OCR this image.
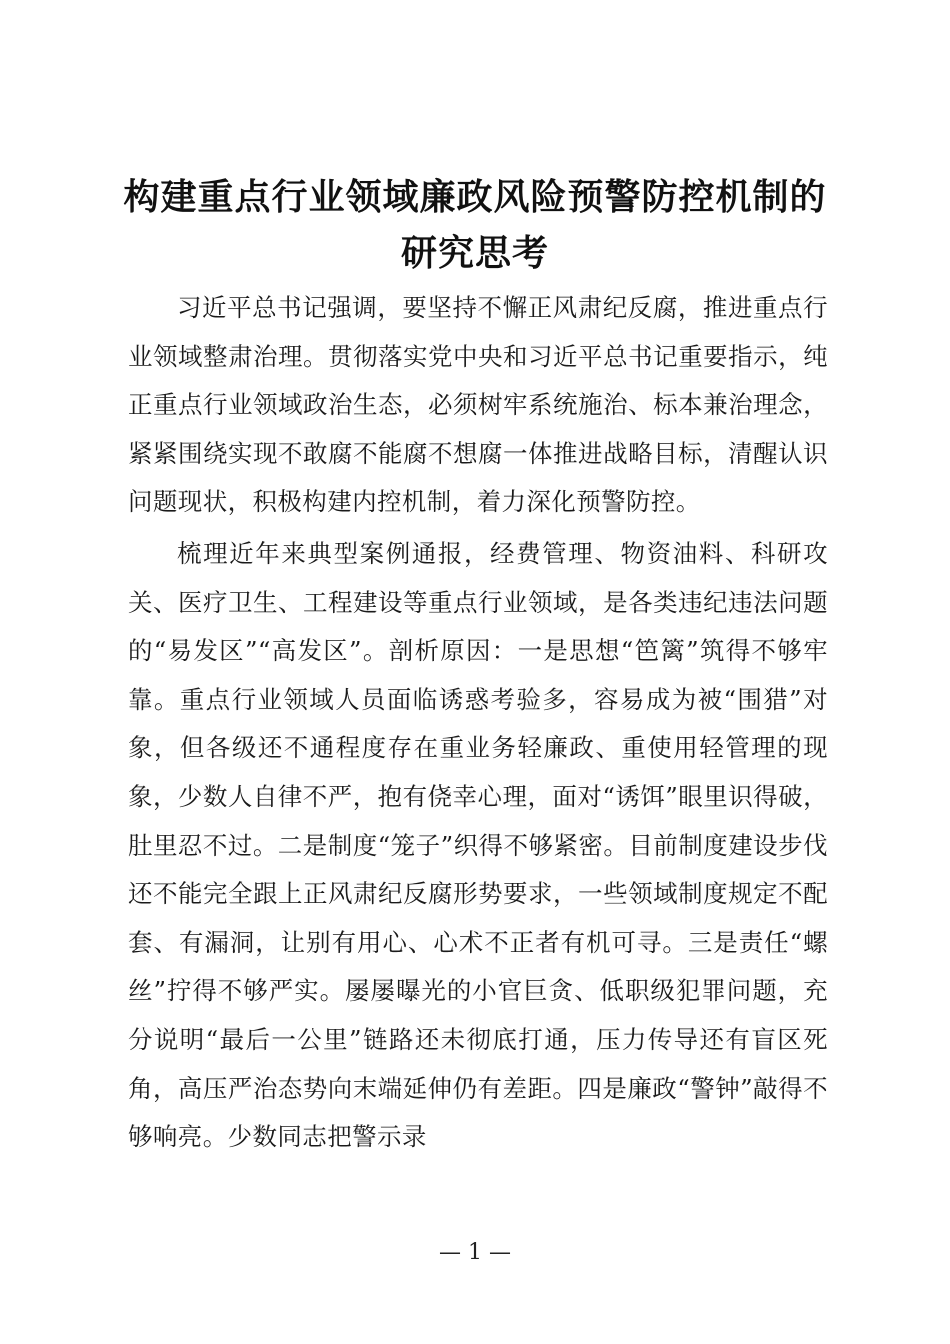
构建重点行业领域廉政风险预警防控机制的研究思考

习近平总书记强调，要坚持不懈正风肃纪反腐，推进重点行业领域整肃治理。贯彻落实党中央和习近平总书记重要指示，纯正重点行业领域政治生态，必须树牢系统施治、标本兼治理念，紧紧围绕实现不敢腐不能腐不想腐一体推进战略目标，清醒认识问题现状，积极构建内控机制，着力深化预警防控。

梳理近年来典型案例通报，经费管理、物资油料、科研攻关、医疗卫生、工程建设等重点行业领域，是各类违纪违法问题的“易发区”“高发区”。剖析原因：一是思想“笆篱”筑得不够牢靠。重点行业领域人员面临诱惑考验多，容易成为被“围猎”对象，但各级还不通程度存在重业务轻廉政、重使用轻管理的现象，少数人自律不严，抱有侥幸心理，面对“诱饵”眼里识得破，肚里忍不过。二是制度“笼子”织得不够紧密。目前制度建设步伐还不能完全跟上正风肃纪反腐形势要求，一些领域制度规定不配套、有漏洞，让别有用心、心术不正者有机可寻。三是责任“螺丝”拧得不够严实。屡屡曝光的小官巨贪、低职级犯罪问题，充分说明“最后一公里”链路还未彻底打通，压力传导还有盲区死角，高压严治态势向末端延伸仍有差距。四是廉政“警钟”敲得不够响亮。少数同志把警示录

— 1 —
